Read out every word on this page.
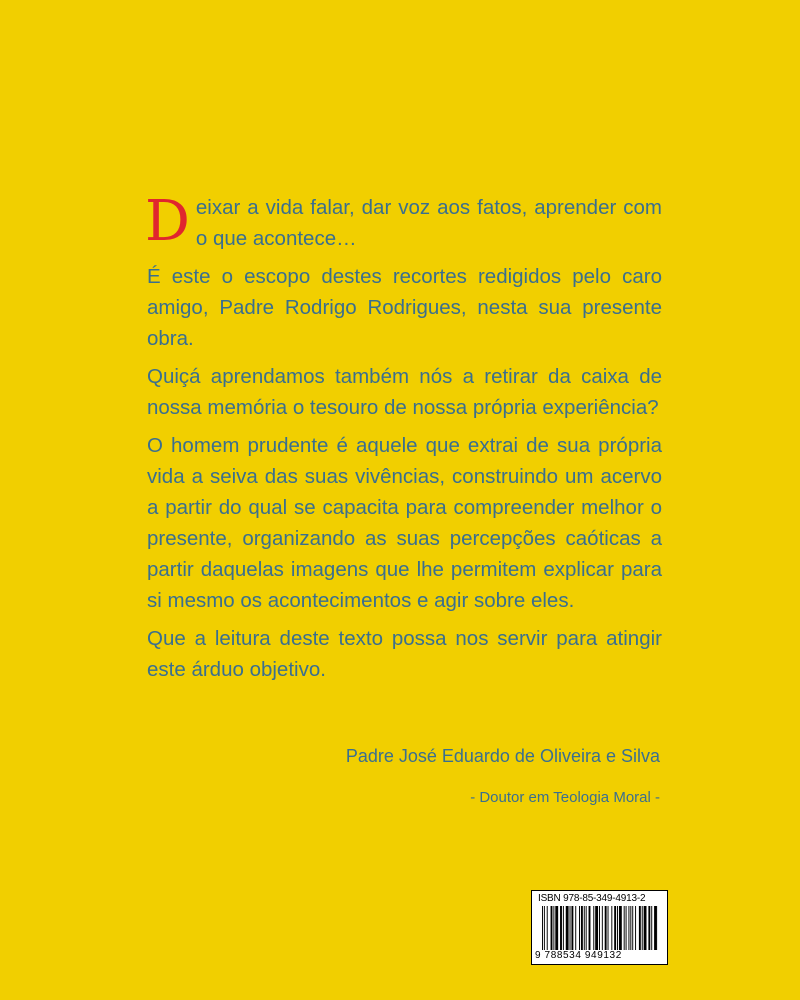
Deixar a vida falar, dar voz aos fatos, aprender com o que acontece…

É este o escopo destes recortes redigidos pelo caro amigo, Padre Rodrigo Rodrigues, nesta sua presente obra.

Quiçá aprendamos também nós a retirar da caixa de nossa memória o tesouro de nossa própria experiência?

O homem prudente é aquele que extrai de sua própria vida a seiva das suas vivências, construindo um acervo a partir do qual se capacita para compreender melhor o presente, organizando as suas percepções caóticas a partir daquelas imagens que lhe permitem explicar para si mesmo os acontecimentos e agir sobre eles.

Que a leitura deste texto possa nos servir para atingir este árduo objetivo.

Padre José Eduardo de Oliveira e Silva
- Doutor em Teologia Moral -
ISBN 978-85-349-4913-2
9 788534 949132
